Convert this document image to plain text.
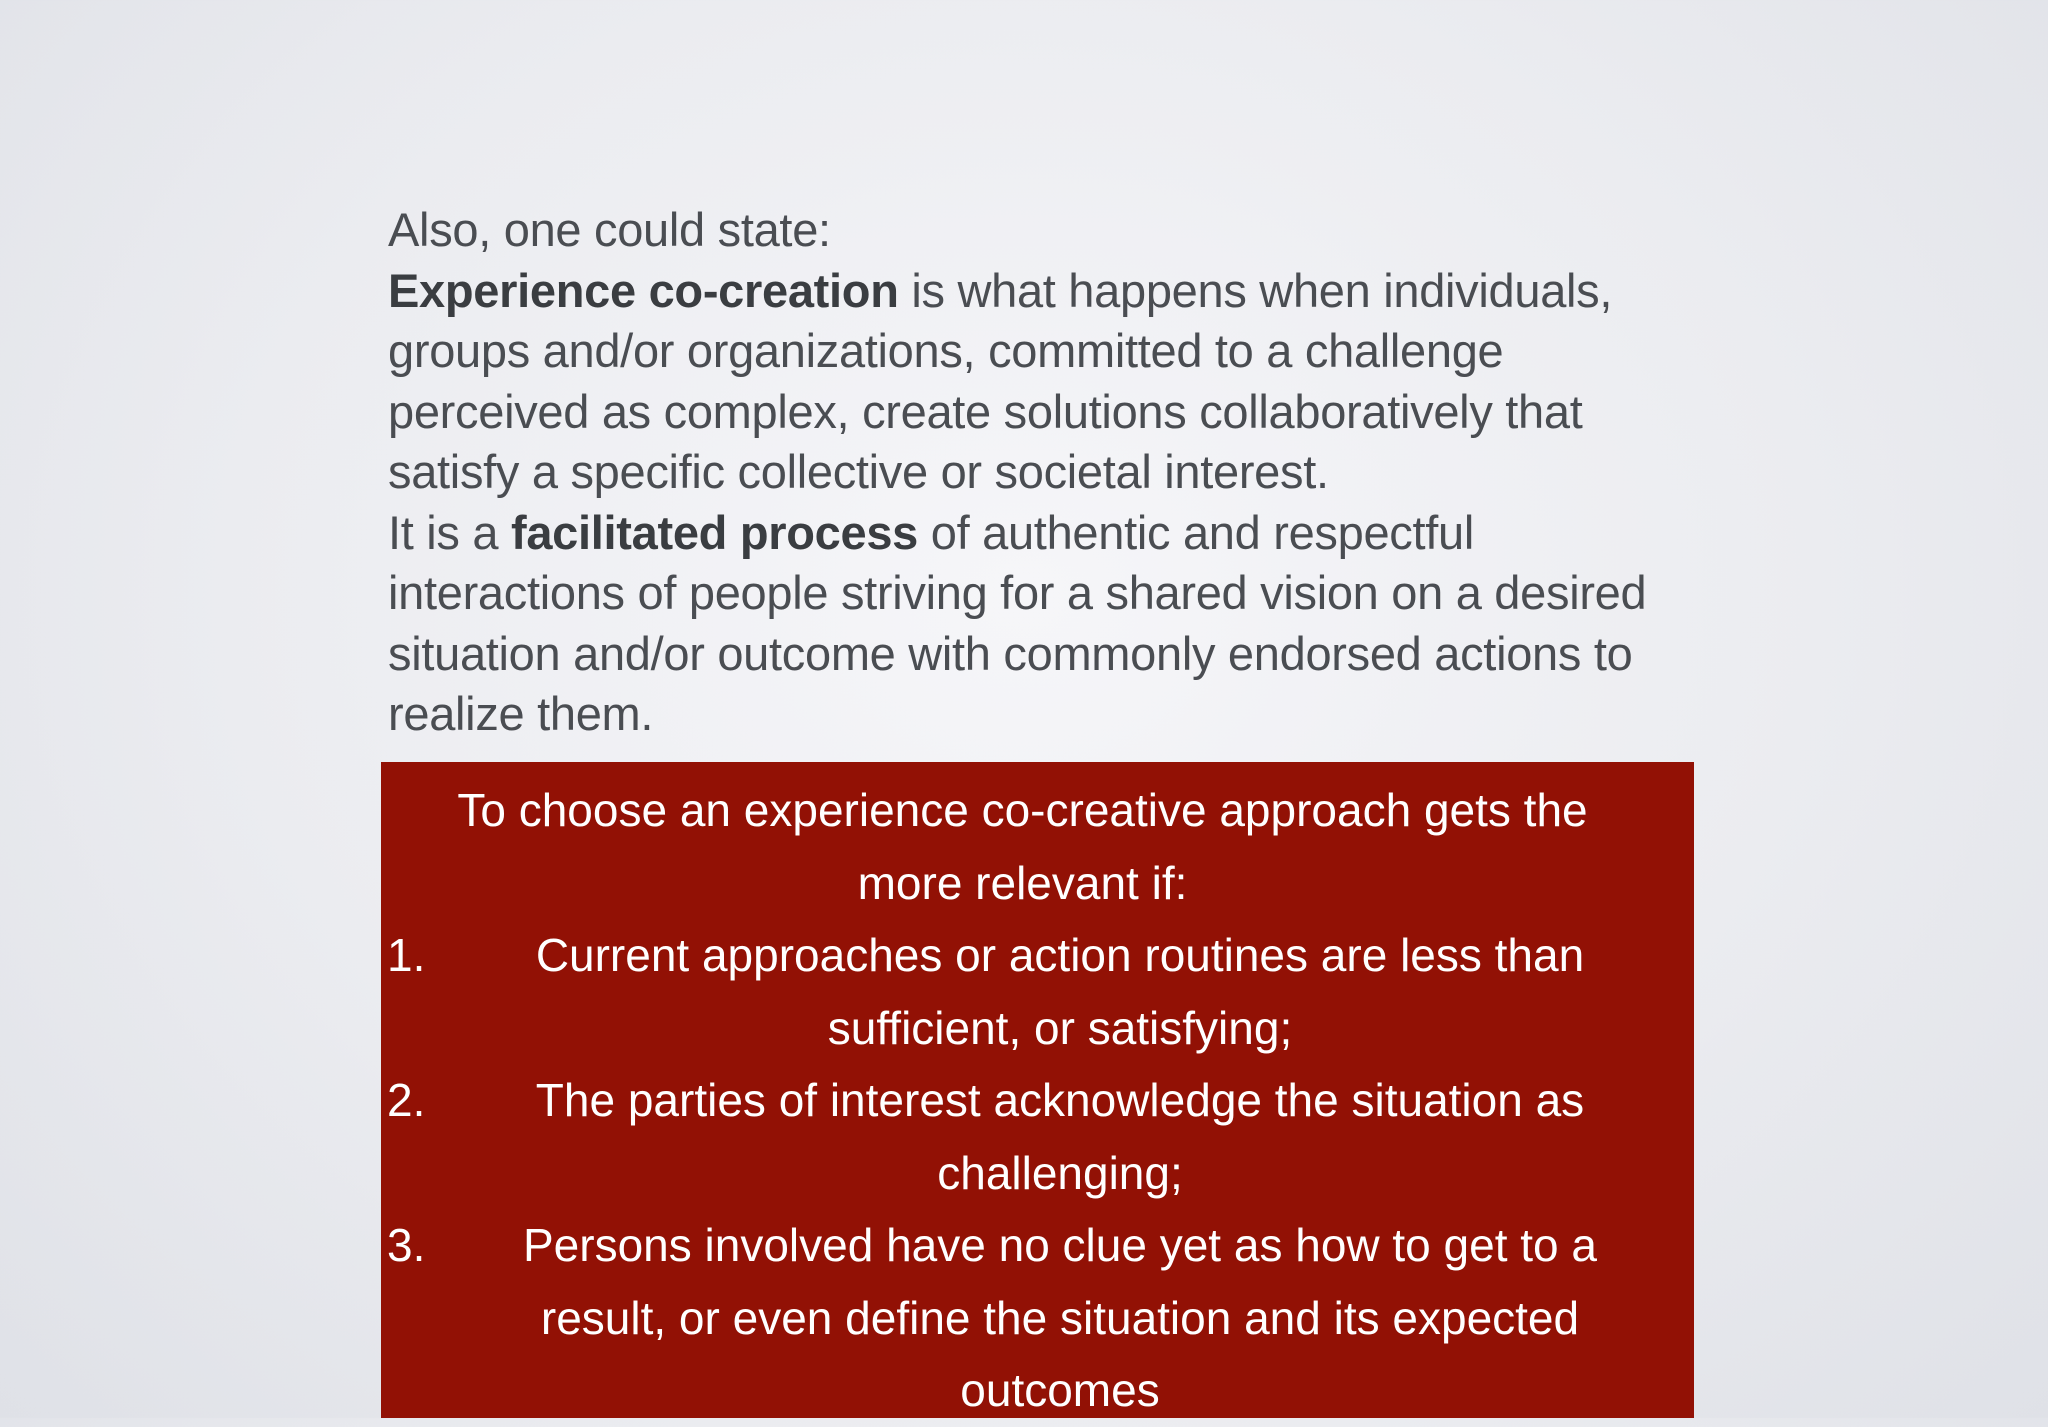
Also, one could state:

Experience co-creation is what happens when individuals, groups and/or organizations, committed to a challenge perceived as complex, create solutions collaboratively that satisfy a specific collective or societal interest.

It is a facilitated process of authentic and respectful interactions of people striving for a shared vision on a desired situation and/or outcome with commonly endorsed actions to realize them.

To choose an experience co-creative approach gets the more relevant if:

1. Current approaches or action routines are less than sufficient, or satisfying;
2. The parties of interest acknowledge the situation as challenging;
3. Persons involved have no clue yet as how to get to a result, or even define the situation and its expected outcomes
